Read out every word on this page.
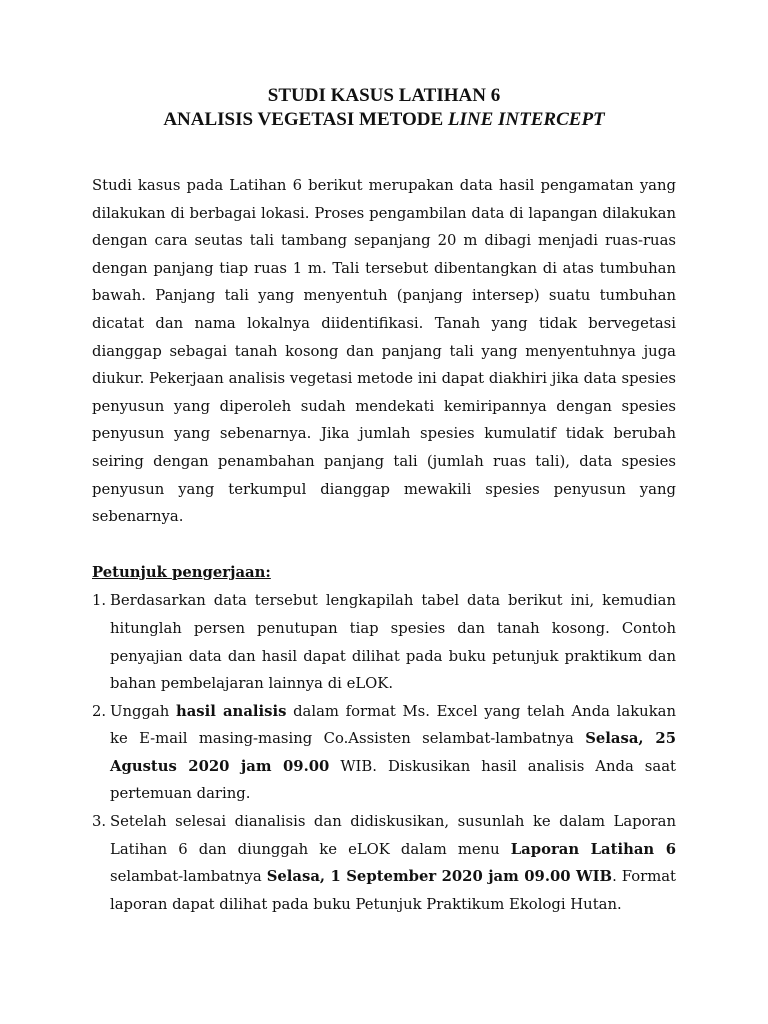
STUDI KASUS LATIHAN 6
ANALISIS VEGETASI METODE LINE INTERCEPT

Studi kasus pada Latihan 6 berikut merupakan data hasil pengamatan yang dilakukan di berbagai lokasi. Proses pengambilan data di lapangan dilakukan dengan cara seutas tali tambang sepanjang 20 m dibagi menjadi ruas-ruas dengan panjang tiap ruas 1 m. Tali tersebut dibentangkan di atas tumbuhan bawah. Panjang tali yang menyentuh (panjang intersep) suatu tumbuhan dicatat dan nama lokalnya diidentifikasi. Tanah yang tidak bervegetasi dianggap sebagai tanah kosong dan panjang tali yang menyentuhnya juga diukur. Pekerjaan analisis vegetasi metode ini dapat diakhiri jika data spesies penyusun yang diperoleh sudah mendekati kemiripannya dengan spesies penyusun yang sebenarnya. Jika jumlah spesies kumulatif tidak berubah seiring dengan penambahan panjang tali (jumlah ruas tali), data spesies penyusun yang terkumpul dianggap mewakili spesies penyusun yang sebenarnya.

Petunjuk pengerjaan:
1. Berdasarkan data tersebut lengkapilah tabel data berikut ini, kemudian hitunglah persen penutupan tiap spesies dan tanah kosong. Contoh penyajian data dan hasil dapat dilihat pada buku petunjuk praktikum dan bahan pembelajaran lainnya di eLOK.
2. Unggah hasil analisis dalam format Ms. Excel yang telah Anda lakukan ke E-mail masing-masing Co.Assisten selambat-lambatnya Selasa, 25 Agustus 2020 jam 09.00 WIB. Diskusikan hasil analisis Anda saat pertemuan daring.
3. Setelah selesai dianalisis dan didiskusikan, susunlah ke dalam Laporan Latihan 6 dan diunggah ke eLOK dalam menu Laporan Latihan 6 selambat-lambatnya Selasa, 1 September 2020 jam 09.00 WIB. Format laporan dapat dilihat pada buku Petunjuk Praktikum Ekologi Hutan.
